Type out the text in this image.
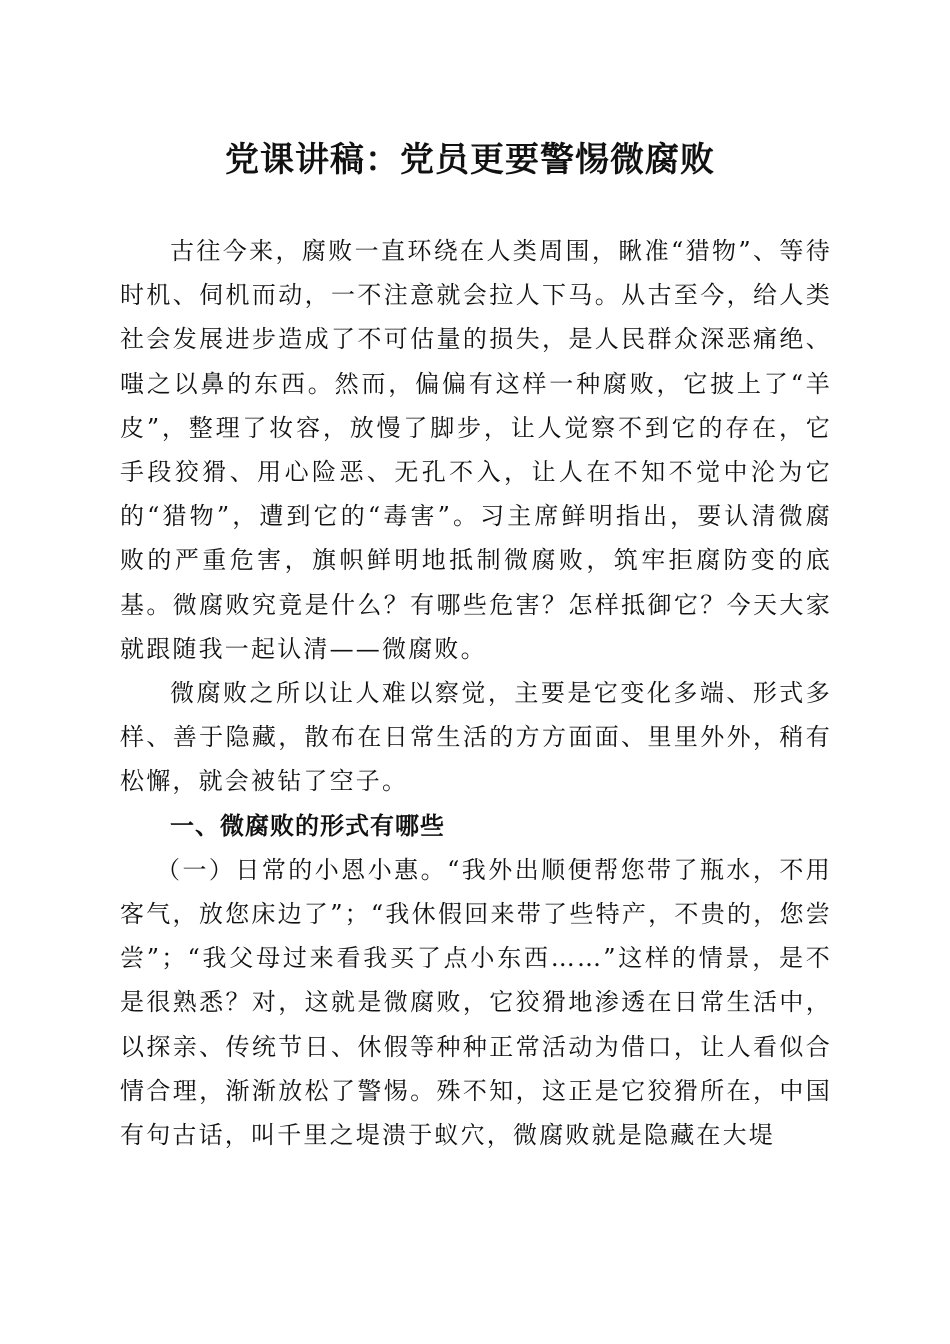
党课讲稿：党员更要警惕微腐败

古往今来，腐败一直环绕在人类周围，瞅准“猎物”、等待时机、伺机而动，一不注意就会拉人下马。从古至今，给人类社会发展进步造成了不可估量的损失，是人民群众深恶痛绝、嗤之以鼻的东西。然而，偏偏有这样一种腐败，它披上了“羊皮”，整理了妆容，放慢了脚步，让人觉察不到它的存在，它手段狡猾、用心险恶、无孔不入，让人在不知不觉中沦为它的“猎物”，遭到它的“毒害”。习主席鲜明指出，要认清微腐败的严重危害，旗帜鲜明地抵制微腐败，筑牢拒腐防变的底基。微腐败究竟是什么？有哪些危害？怎样抵御它？今天大家就跟随我一起认清——微腐败。

微腐败之所以让人难以察觉，主要是它变化多端、形式多样、善于隐藏，散布在日常生活的方方面面、里里外外，稍有松懈，就会被钻了空子。

一、微腐败的形式有哪些

（一）日常的小恩小惠。“我外出顺便帮您带了瓶水，不用客气，放您床边了”；“我休假回来带了些特产，不贵的，您尝尝”；“我父母过来看我买了点小东西……”这样的情景，是不是很熟悉？对，这就是微腐败，它狡猾地渗透在日常生活中，以探亲、传统节日、休假等种种正常活动为借口，让人看似合情合理，渐渐放松了警惕。殊不知，这正是它狡猾所在，中国有句古话，叫千里之堤溃于蚁穴，微腐败就是隐藏在大堤
